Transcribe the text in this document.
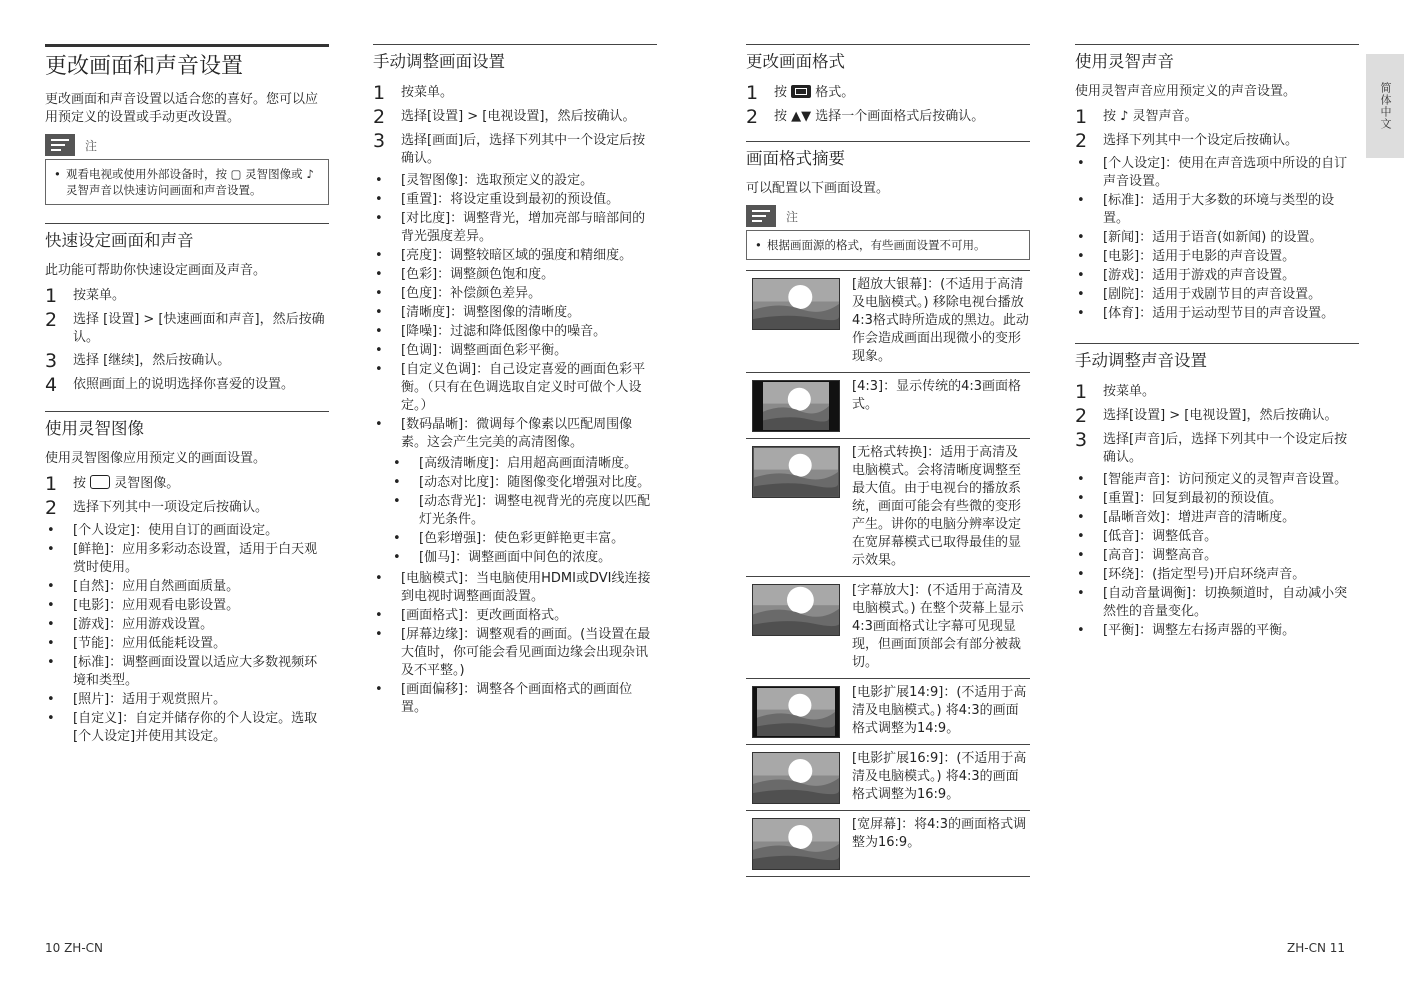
更改画面和声音设置

更改画面和声音设置以适合您的喜好。您可以应用预定义的设置或手动更改设置。

注
• 观看电视或使用外部设备时，按 ▢ 灵智图像或 ♪ 灵智声音以快速访问画面和声音设置。
快速设定画面和声音

此功能可帮助你快速设定画面及声音。

1	按菜单。
2	选择 [设置] > [快速画面和声音]，然后按确认。
3	选择 [继续]，然后按确认。
4	依照画面上的说明选择你喜爱的设置。
使用灵智图像

使用灵智图像应用预定义的画面设置。

1	按 灵智图像。
2	选择下列其中一项设定后按确认。
• [个人设定]：使用自订的画面设定。
• [鲜艳]：应用多彩动态设置，适用于白天观赏时使用。
• [自然]：应用自然画面质量。
• [电影]：应用观看电影设置。
• [游戏]：应用游戏设置。
• [节能]：应用低能耗设置。
• [标准]：调整画面设置以适应大多数视频环境和类型。
• [照片]：适用于观赏照片。
• [自定义]：自定并储存你的个人设定。选取[个人设定]并使用其设定。
手动调整画面设置
1	按菜单。
2	选择[设置] > [电视设置]，然后按确认。
3	选择[画面]后，选择下列其中一个设定后按确认。
• [灵智图像]：选取预定义的設定。
• [重置]：将设定重设到最初的预设值。
• [对比度]：调整背光，增加亮部与暗部间的背光强度差异。
• [亮度]：调整较暗区域的强度和精细度。
• [色彩]：调整颜色饱和度。
• [色度]：补偿颜色差异。
• [清晰度]：调整图像的清晰度。
• [降噪]：过滤和降低图像中的噪音。
• [色调]：调整画面色彩平衡。
• [自定义色调]：自己设定喜爱的画面色彩平衡。（只有在色调选取自定义时可做个人设定。）
• [数码晶晰]：微调每个像素以匹配周围像素。这会产生完美的高清图像。
• [高级清晰度]：启用超高画面清晰度。
• [动态对比度]：随图像变化增强对比度。
• [动态背光]：调整电视背光的亮度以匹配灯光条件。
• [色彩增强]：使色彩更鲜艳更丰富。
• [伽马]：调整画面中间色的浓度。
• [电脑模式]：当电脑使用HDMI或DVI线连接到电视时调整画面設置。
• [画面格式]：更改画面格式。
• [屏幕边缘]：调整观看的画面。(当设置在最大值时，你可能会看见画面边缘会出现杂讯及不平整。)
• [画面偏移]：调整各个画面格式的画面位置。
更改画面格式
1	按 格式。
2	按 ▲▼ 选择一个画面格式后按确认。
画面格式摘要

可以配置以下画面设置。

注
• 根据画面源的格式，有些画面设置不可用。
[超放大银幕]：(不适用于高清及电脑模式。) 移除电视台播放4:3格式時所造成的黑边。此动作会造成画面出现微小的变形现象。
[4:3]：显示传统的4:3画面格式。
[无格式转换]：适用于高清及电脑模式。会将清晰度调整至最大值。由于电视台的播放系统，画面可能会有些微的变形产生。讲你的电脑分辨率设定在宽屏幕模式已取得最佳的显示效果。
[字幕放大]：(不适用于高清及电脑模式。) 在整个荧幕上显示4:3画面格式让字幕可见现显现，但画面顶部会有部分被裁切。
[电影扩展14:9]：(不适用于高清及电脑模式。) 将4:3的画面格式调整为14:9。
[电影扩展16:9]：(不适用于高清及电脑模式。) 将4:3的画面格式调整为16:9。
[宽屏幕]：将4:3的画面格式调整为16:9。
使用灵智声音

使用灵智声音应用预定义的声音设置。

1	按 ♪ 灵智声音。
2	选择下列其中一个设定后按确认。
• [个人设定]：使用在声音选项中所设的自订声音设置。
• [标准]：适用于大多数的环境与类型的设置。
• [新闻]：适用于语音(如新闻) 的设置。
• [电影]：适用于电影的声音设置。
• [游戏]：适用于游戏的声音设置。
• [剧院]：适用于戏剧节目的声音设置。
• [体育]：适用于运动型节目的声音设置。
手动调整声音设置
1	按菜单。
2	选择[设置] > [电视设置]，然后按确认。
3	选择[声音]后，选择下列其中一个设定后按确认。
• [智能声音]：访问预定义的灵智声音设置。
• [重置]：回复到最初的预设值。
• [晶晰音效]：增进声音的清晰度。
• [低音]：调整低音。
• [高音]：调整高音。
• [环绕]：(指定型号)开启环绕声音。
• [自动音量调衡]：切换频道时，自动减小突然性的音量变化。
• [平衡]：调整左右扬声器的平衡。
简体中文
10 ZH-CN	ZH-CN 11
